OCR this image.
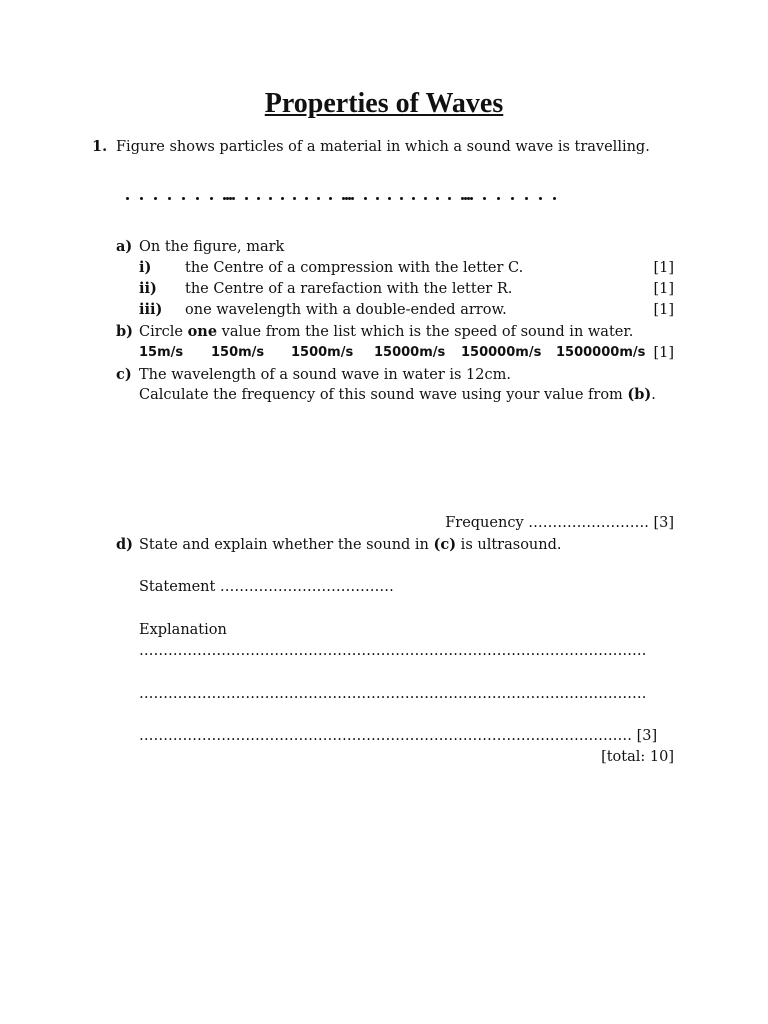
Properties of Waves
1. Figure shows particles of a material in which a sound wave is travelling.
a) On the figure, mark
i) the Centre of a compression with the letter C.	[1]
ii) the Centre of a rarefaction with the letter R.	[1]
iii) one wavelength with a double-ended arrow.	[1]
b) Circle one value from the list which is the speed of sound in water.
15m/s 150m/s 1500m/s 15000m/s 150000m/s 1500000m/s [1]
c) The wavelength of a sound wave in water is 12cm.
Calculate the frequency of this sound wave using your value from (b).
Frequency ……………………. [3]
d) State and explain whether the sound in (c) is ultrasound.
Statement ………………………………
Explanation
……………………………………………………………………………………………
……………………………………………………………………………………………
………………………………………………………………………………………… [3]
[total: 10]
